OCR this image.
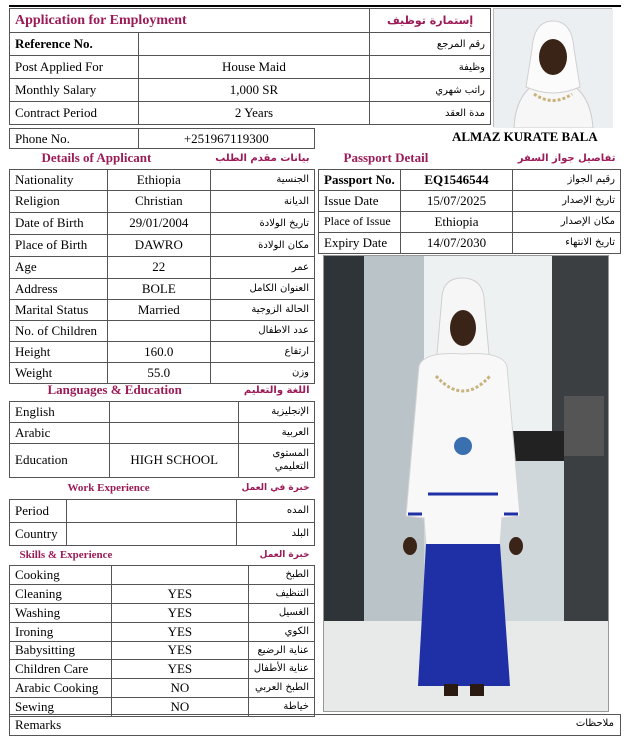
Application for Employment		إستمارة توظيف
Reference No.		رقم المرجع
Post Applied For	House Maid	وظيفة
Monthly Salary	1,000 SR	راتب شهري
Contract Period	2 Years	مدة العقد
Phone No.	+251967119300	ALMAZ KURATE BALA
Details of Applicant		بيانات مقدم الطلب
Nationality	Ethiopia	الجنسية
Religion	Christian	الديانة
Date of Birth	29/01/2004	تاريخ الولادة
Place of Birth	DAWRO	مكان الولادة
Age	22	عمر
Address	BOLE	العنوان الكامل
Marital Status	Married	الحالة الزوجية
No. of Children		عدد الاطفال
Height	160.0	ارتفاع
Weight	55.0	وزن
Languages & Education		اللغة والتعليم
English		الإنجليزية
Arabic		العربية
Education	HIGH SCHOOL	المستوى
التعليمي
Work Experience		خبرة في العمل
Period		المده
Country		البلد
Skills & Experience		خبرة العمل
Cooking		الطبخ
Cleaning	YES	التنظيف
Washing	YES	الغسيل
Ironing	YES	الكوي
Babysitting	YES	عناية الرضيع
Children Care	YES	عناية الأطفال
Arabic Cooking	NO	الطبخ العربي
Sewing	NO	خياطة
Remarks	ملاحظات
Passport Detail		تفاصيل جواز السفر
Passport No.	EQ1546544	رقيم الجواز
Issue Date	15/07/2025	تاريخ الإصدار
Place of Issue	Ethiopia	مكان الإصدار
Expiry Date	14/07/2030	تاريخ الانتهاء
